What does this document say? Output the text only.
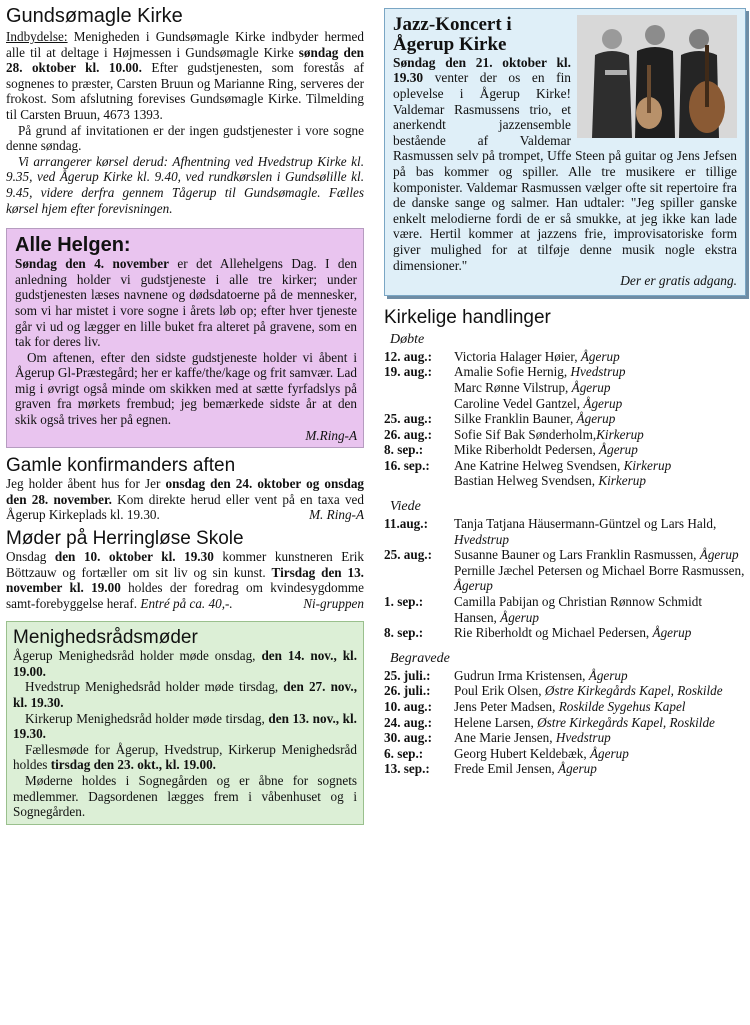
Gundsømagle Kirke

Indbydelse: Menigheden i Gundsømagle Kirke indbyder hermed alle til at deltage i Højmessen i Gundsømagle Kirke søndag den 28. oktober kl. 10.00. Efter gudstjenesten, som forestås af sognenes to præster, Carsten Bruun og Marianne Ring, serveres der frokost. Som afslutning forevises Gundsømagle Kirke. Tilmelding til Carsten Bruun, 4673 1393.

På grund af invitationen er der ingen gudstjenester i vore sogne denne søndag.

Vi arrangerer kørsel derud: Afhentning ved Hvedstrup Kirke kl. 9.35, ved Ågerup Kirke kl. 9.40, ved rundkørslen i Gundsølille kl. 9.45, videre derfra gennem Tågerup til Gundsømagle. Fælles kørsel hjem efter forevisningen.

Alle Helgen:

Søndag den 4. november er det Allehelgens Dag. I den anledning holder vi gudstjeneste i alle tre kirker; under gudstjenesten læses navnene og dødsdatoerne på de mennesker, som vi har mistet i vore sogne i årets løb op; efter hver tjeneste går vi ud og lægger en lille buket fra alteret på gravene, som en tak for deres liv.

Om aftenen, efter den sidste gudstjeneste holder vi åbent i Ågerup Gl-Præstegård; her er kaffe/the/kage og frit samvær. Lad mig i øvrigt også minde om skikken med at sætte fyrfadslys på graven fra mørkets frembud; jeg bemærkede sidste år at den skik også trives her på egnen.

M.Ring-A

Gamle konfirmanders aften

Jeg holder åbent hus for Jer onsdag den 24. oktober og onsdag den 28. november. Kom direkte herud eller vent på en taxa ved Ågerup Kirkeplads kl. 19.30.	M. Ring-A

Møder på Herringløse Skole

Onsdag den 10. oktober kl. 19.30 kommer kunstneren Erik Böttzauw og fortæller om sit liv og sin kunst. Tirsdag den 13. november kl. 19.00 holdes der foredrag om kvindesygdomme samt-forebyggelse heraf. Entré på ca. 40,-.	Ni-gruppen

Menighedsrådsmøder

Ågerup Menighedsråd holder møde onsdag, den 14. nov., kl. 19.00.

Hvedstrup Menighedsråd holder møde tirsdag, den 27. nov., kl. 19.30.

Kirkerup Menighedsråd holder møde tirsdag, den 13. nov., kl. 19.30.

Fællesmøde for Ågerup, Hvedstrup, Kirkerup Menighedsråd holdes tirsdag den 23. okt., kl. 19.00.

Møderne holdes i Sognegården og er åbne for sognets medlemmer. Dagsordenen lægges frem i våbenhuset og i Sognegården.

Jazz-Koncert i Ågerup Kirke

Søndag den 21. oktober kl. 19.30 venter der os en fin oplevelse i Ågerup Kirke! Valdemar Rasmussens trio, et anerkendt jazzensemble bestående af Valdemar Rasmussen selv på trompet, Uffe Steen på guitar og Jens Jefsen på bas kommer og spiller. Alle tre musikere er tillige komponister. Valdemar Rasmussen vælger ofte sit repertoire fra de danske sange og salmer. Han udtaler: "Jeg spiller ganske enkelt melodierne fordi de er så smukke, at jeg ikke kan lade være. Hertil kommer at jazzens frie, improvisatoriske form giver mulighed for at tilføje denne musik nogle ekstra dimensioner."

Der er gratis adgang.

Kirkelige handlinger
Døbte
12. aug.:	Victoria Halager Høier, Ågerup
19. aug.:	Amalie Sofie Hernig, Hvedstrup
Marc Rønne Vilstrup, Ågerup
Caroline Vedel Gantzel, Ågerup
25. aug.:	Silke Franklin Bauner, Ågerup
26. aug.:	Sofie Sif Bak Sønderholm,Kirkerup
8. sep.:	Mike Riberholdt Pedersen, Ågerup
16. sep.:	Ane Katrine Helweg Svendsen, Kirkerup
Bastian Helweg Svendsen, Kirkerup
Viede
11.aug.:	Tanja Tatjana Häusermann-Güntzel og Lars Hald, Hvedstrup
25. aug.:	Susanne Bauner og Lars Franklin Rasmussen, Ågerup
Pernille Jæchel Petersen og Michael Borre Rasmussen, Ågerup
1. sep.:	Camilla Pabijan og Christian Rønnow Schmidt Hansen, Ågerup
8. sep.:	Rie Riberholdt og Michael Pedersen, Ågerup
Begravede
25. juli.:	Gudrun Irma Kristensen, Ågerup
26. juli.:	Poul Erik Olsen, Østre Kirkegårds Kapel, Roskilde
10. aug.:	Jens Peter Madsen, Roskilde Sygehus Kapel
24. aug.:	Helene Larsen, Østre Kirkegårds Kapel, Roskilde
30. aug.:	Ane Marie Jensen, Hvedstrup
6. sep.:	Georg Hubert Keldebæk, Ågerup
13. sep.:	Frede Emil Jensen, Ågerup
